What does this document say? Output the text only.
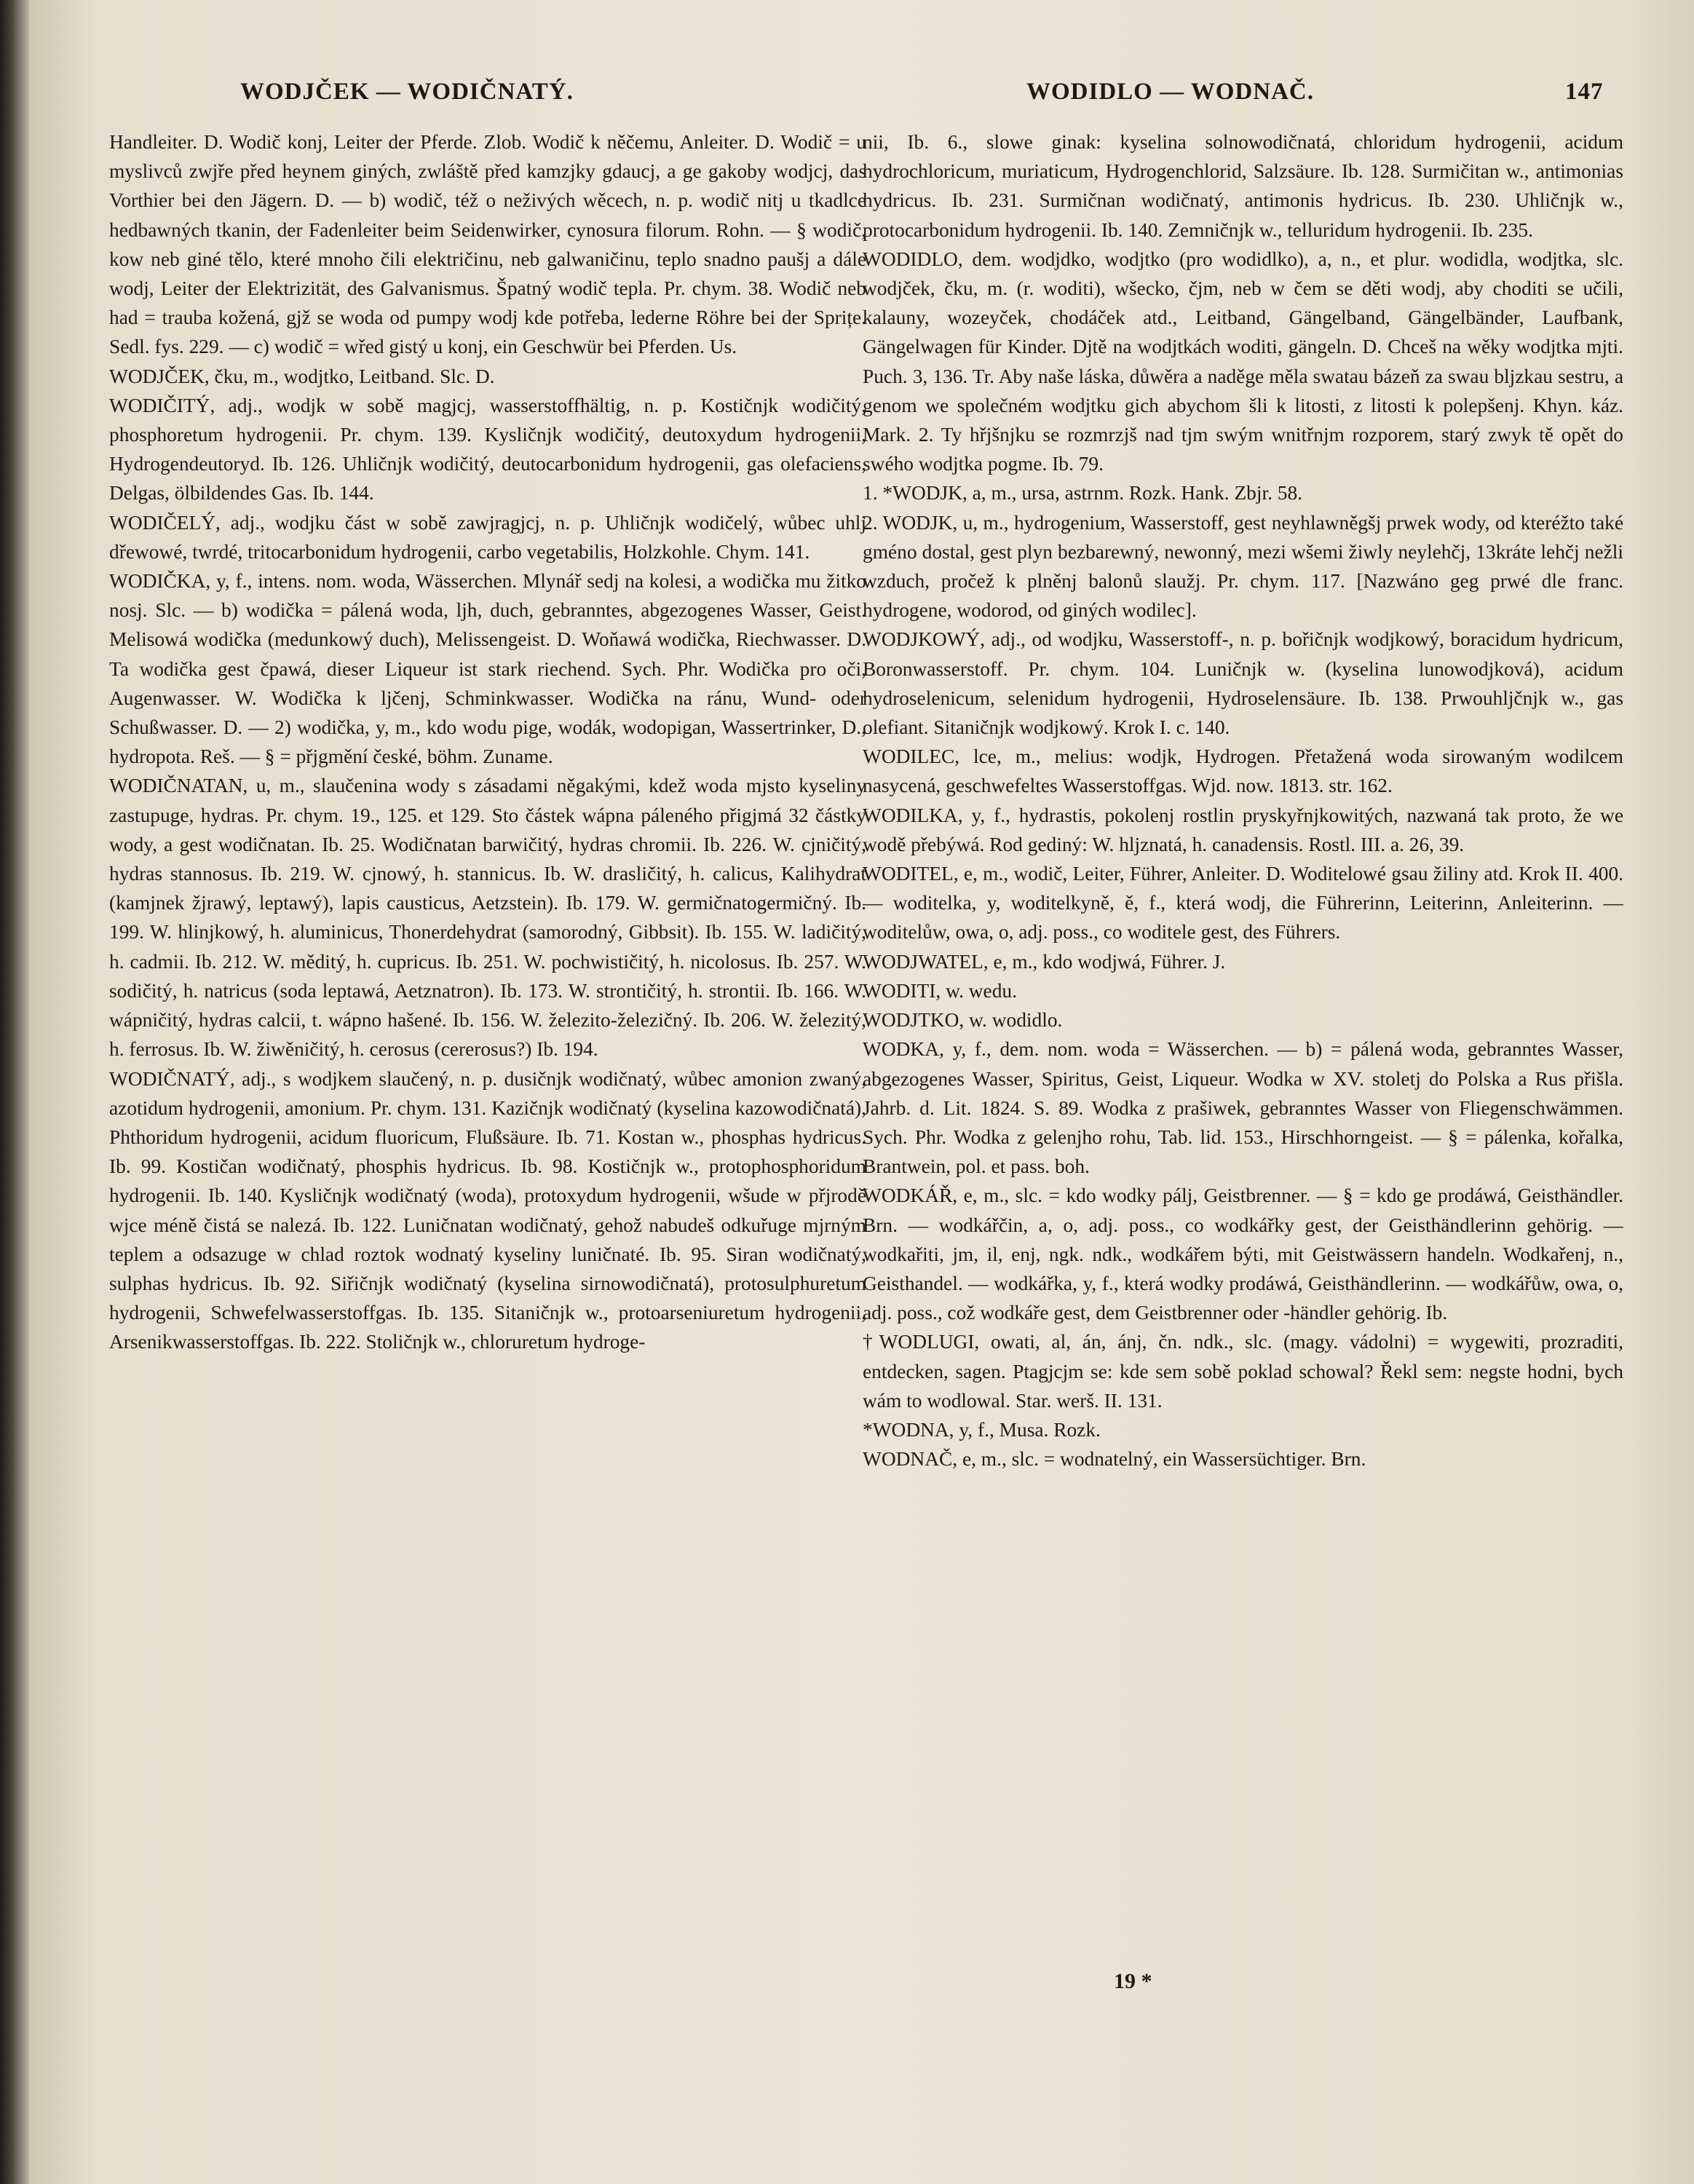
WODJČEK — WODIČNATÝ.	WODIDLO — WODNAČ.	147

Handleiter. D. Wodič konj, Leiter der Pferde. Zlob. Wodič k něčemu, Anleiter. D. Wodič = u myslivců zwjře před heynem giných, zwláště před kamzjky gdaucj, a ge gakoby wodjcj, das Vorthier bei den Jägern. D. — b) wodič, též o neživých wěcech, n. p. wodič nitj u tkadlce hedbawných tkanin, der Fadenleiter beim Seidenwirker, cynosura filorum. Rohn. — § wodič, kow neb giné tělo, které mnoho čili električinu, neb galwaničinu, teplo snadno paušj a dále wodj, Leiter der Elektrizität, des Galvanismus. Špatný wodič tepla. Pr. chym. 38. Wodič neb had = trauba kožená, gjž se woda od pumpy wodj kde potřeba, lederne Röhre bei der Sprițe. Sedl. fys. 229. — c) wodič = wřed gistý u konj, ein Geschwür bei Pferden. Us.

WODJČEK, čku, m., wodjtko, Leitband. Slc. D.

WODIČITÝ, adj., wodjk w sobě magjcj, wasserstoffhältig, n. p. Kostičnjk wodičitý, phosphoretum hydrogenii. Pr. chym. 139. Kysličnjk wodičitý, deutoxydum hydrogenii, Hydrogendeutoryd. Ib. 126. Uhličnjk wodičitý, deutocarbonidum hydrogenii, gas olefaciens, Delgas, ölbildendes Gas. Ib. 144.

WODIČELÝ, adj., wodjku část w sobě zawjragjcj, n. p. Uhličnjk wodičelý, wůbec uhlj dřewowé, twrdé, tritocarbonidum hydrogenii, carbo vegetabilis, Holzkohle. Chym. 141.

WODIČKA, y, f., intens. nom. woda, Wässerchen. Mlynář sedj na kolesi, a wodička mu žitko nosj. Slc. — b) wodička = pálená woda, ljh, duch, gebranntes, abgezogenes Wasser, Geist. Melisowá wodička (medunkowý duch), Melissengeist. D. Woňawá wodička, Riechwasser. D. Ta wodička gest čpawá, dieser Liqueur ist stark riechend. Sych. Phr. Wodička pro oči, Augenwasser. W. Wodička k ljčenj, Schminkwasser. Wodička na ránu, Wund- oder Schußwasser. D. — 2) wodička, y, m., kdo wodu pige, wodák, wodopigan, Wassertrinker, D., hydropota. Reš. — § = přjgmění české, böhm. Zuname.

WODIČNATAN, u, m., slaučenina wody s zásadami něgakými, kdež woda mjsto kyseliny zastupuge, hydras. Pr. chym. 19., 125. et 129. Sto částek wápna páleného přigjmá 32 částky wody, a gest wodičnatan. Ib. 25. Wodičnatan barwičitý, hydras chromii. Ib. 226. W. cjničitý, hydras stannosus. Ib. 219. W. cjnowý, h. stannicus. Ib. W. drasličitý, h. calicus, Kalihydrat (kamjnek žjrawý, leptawý), lapis causticus, Aetzstein). Ib. 179. W. germičnatogermičný. Ib. 199. W. hlinjkowý, h. aluminicus, Thonerdehydrat (samorodný, Gibbsit). Ib. 155. W. ladičitý, h. cadmii. Ib. 212. W. měditý, h. cupricus. Ib. 251. W. pochwističitý, h. nicolosus. Ib. 257. W. sodičitý, h. natricus (soda leptawá, Aetznatron). Ib. 173. W. strontičitý, h. strontii. Ib. 166. W. wápničitý, hydras calcii, t. wápno hašené. Ib. 156. W. železito-železičný. Ib. 206. W. železitý, h. ferrosus. Ib. W. žiwěničitý, h. cerosus (cererosus?) Ib. 194.

WODIČNATÝ, adj., s wodjkem slaučený, n. p. dusičnjk wodičnatý, wůbec amonion zwaný, azotidum hydrogenii, amonium. Pr. chym. 131. Kazičnjk wodičnatý (kyselina kazowodičnatá), Phthoridum hydrogenii, acidum fluoricum, Flußsäure. Ib. 71. Kostan w., phosphas hydricus. Ib. 99. Kostičan wodičnatý, phosphis hydricus. Ib. 98. Kostičnjk w., protophosphoridum hydrogenii. Ib. 140. Kysličnjk wodičnatý (woda), protoxydum hydrogenii, wšude w přjrodě wjce méně čistá se nalezá. Ib. 122. Luničnatan wodičnatý, gehož nabudeš odkuřuge mjrným teplem a odsazuge w chlad roztok wodnatý kyseliny luničnaté. Ib. 95. Siran wodičnatý, sulphas hydricus. Ib. 92. Siřičnjk wodičnatý (kyselina sirnowodičnatá), protosulphuretum hydrogenii, Schwefelwasserstoffgas. Ib. 135. Sitaničnjk w., protoarseniuretum hydrogenii, Arsenikwasserstoffgas. Ib. 222. Stoličnjk w., chloruretum hydroge-

nii, Ib. 6., slowe ginak: kyselina solnowodičnatá, chloridum hydrogenii, acidum hydrochloricum, muriaticum, Hydrogenchlorid, Salzsäure. Ib. 128. Surmičitan w., antimonias hydricus. Ib. 231. Surmičnan wodičnatý, antimonis hydricus. Ib. 230. Uhličnjk w., protocarbonidum hydrogenii. Ib. 140. Zemničnjk w., telluridum hydrogenii. Ib. 235.

WODIDLO, dem. wodjdko, wodjtko (pro wodidlko), a, n., et plur. wodidla, wodjtka, slc. wodjček, čku, m. (r. woditi), wšecko, čjm, neb w čem se děti wodj, aby choditi se učili, kalauny, wozeyček, chodáček atd., Leitband, Gängelband, Gängelbänder, Laufbank, Gängelwagen für Kinder. Djtě na wodjtkách woditi, gängeln. D. Chceš na wěky wodjtka mjti. Puch. 3, 136. Tr. Aby naše láska, důwěra a naděge měla swatau bázeň za swau bljzkau sestru, a genom we společném wodjtku gich abychom šli k litosti, z litosti k polepšenj. Khyn. káz. Mark. 2. Ty hřjšnjku se rozmrzjš nad tjm swým wnitřnjm rozporem, starý zwyk tě opět do swého wodjtka pogme. Ib. 79.

1. *WODJK, a, m., ursa, astrnm. Rozk. Hank. Zbjr. 58.

2. WODJK, u, m., hydrogenium, Wasserstoff, gest neyhlawněgšj prwek wody, od kteréžto také gméno dostal, gest plyn bezbarewný, newonný, mezi wšemi žiwly neylehčj, 13kráte lehčj nežli wzduch, pročež k plněnj balonů slaužj. Pr. chym. 117. [Nazwáno geg prwé dle franc. hydrogene, wodorod, od giných wodilec].

WODJKOWÝ, adj., od wodjku, Wasserstoff-, n. p. bořičnjk wodjkowý, boracidum hydricum, Boronwasserstoff. Pr. chym. 104. Luničnjk w. (kyselina lunowodjková), acidum hydroselenicum, selenidum hydrogenii, Hydroselensäure. Ib. 138. Prwouhljčnjk w., gas olefiant. Sitaničnjk wodjkowý. Krok I. c. 140.

WODILEC, lce, m., melius: wodjk, Hydrogen. Přetažená woda sirowaným wodilcem nasycená, geschwefeltes Wasserstoffgas. Wjd. now. 1813. str. 162.

WODILKA, y, f., hydrastis, pokolenj rostlin pryskyřnjkowitých, nazwaná tak proto, že we wodě přebýwá. Rod gediný: W. hljznatá, h. canadensis. Rostl. III. a. 26, 39.

WODITEL, e, m., wodič, Leiter, Führer, Anleiter. D. Woditelowé gsau žiliny atd. Krok II. 400. — woditelka, y, woditelkyně, ě, f., která wodj, die Führerinn, Leiterinn, Anleiterinn. — woditelůw, owa, o, adj. poss., co woditele gest, des Führers.

WODJWATEL, e, m., kdo wodjwá, Führer. J.

WODITI, w. wedu.

WODJTKO, w. wodidlo.

WODKA, y, f., dem. nom. woda = Wässerchen. — b) = pálená woda, gebranntes Wasser, abgezogenes Wasser, Spiritus, Geist, Liqueur. Wodka w XV. stoletj do Polska a Rus přišla. Jahrb. d. Lit. 1824. S. 89. Wodka z prašiwek, gebranntes Wasser von Fliegenschwämmen. Sych. Phr. Wodka z gelenjho rohu, Tab. lid. 153., Hirschhorngeist. — § = pálenka, kořalka, Brantwein, pol. et pass. boh.

WODKÁŘ, e, m., slc. = kdo wodky pálj, Geistbrenner. — § = kdo ge prodáwá, Geisthändler. Brn. — wodkářčin, a, o, adj. poss., co wodkářky gest, der Geisthändlerinn gehörig. — wodkařiti, jm, il, enj, ngk. ndk., wodkářem býti, mit Geistwässern handeln. Wodkařenj, n., Geisthandel. — wodkářka, y, f., která wodky prodáwá, Geisthändlerinn. — wodkářůw, owa, o, adj. poss., což wodkáře gest, dem Geistbrenner oder -händler gehörig. Ib.

†WODLUGI, owati, al, án, ánj, čn. ndk., slc. (magy. vádolni) = wygewiti, prozraditi, entdecken, sagen. Ptagjcjm se: kde sem sobě poklad schowal? Řekl sem: negste hodni, bych wám to wodlowal. Star. werš. II. 131.

*WODNA, y, f., Musa. Rozk.

WODNAČ, e, m., slc. = wodnatelný, ein Wassersüchtiger. Brn.

19 *
